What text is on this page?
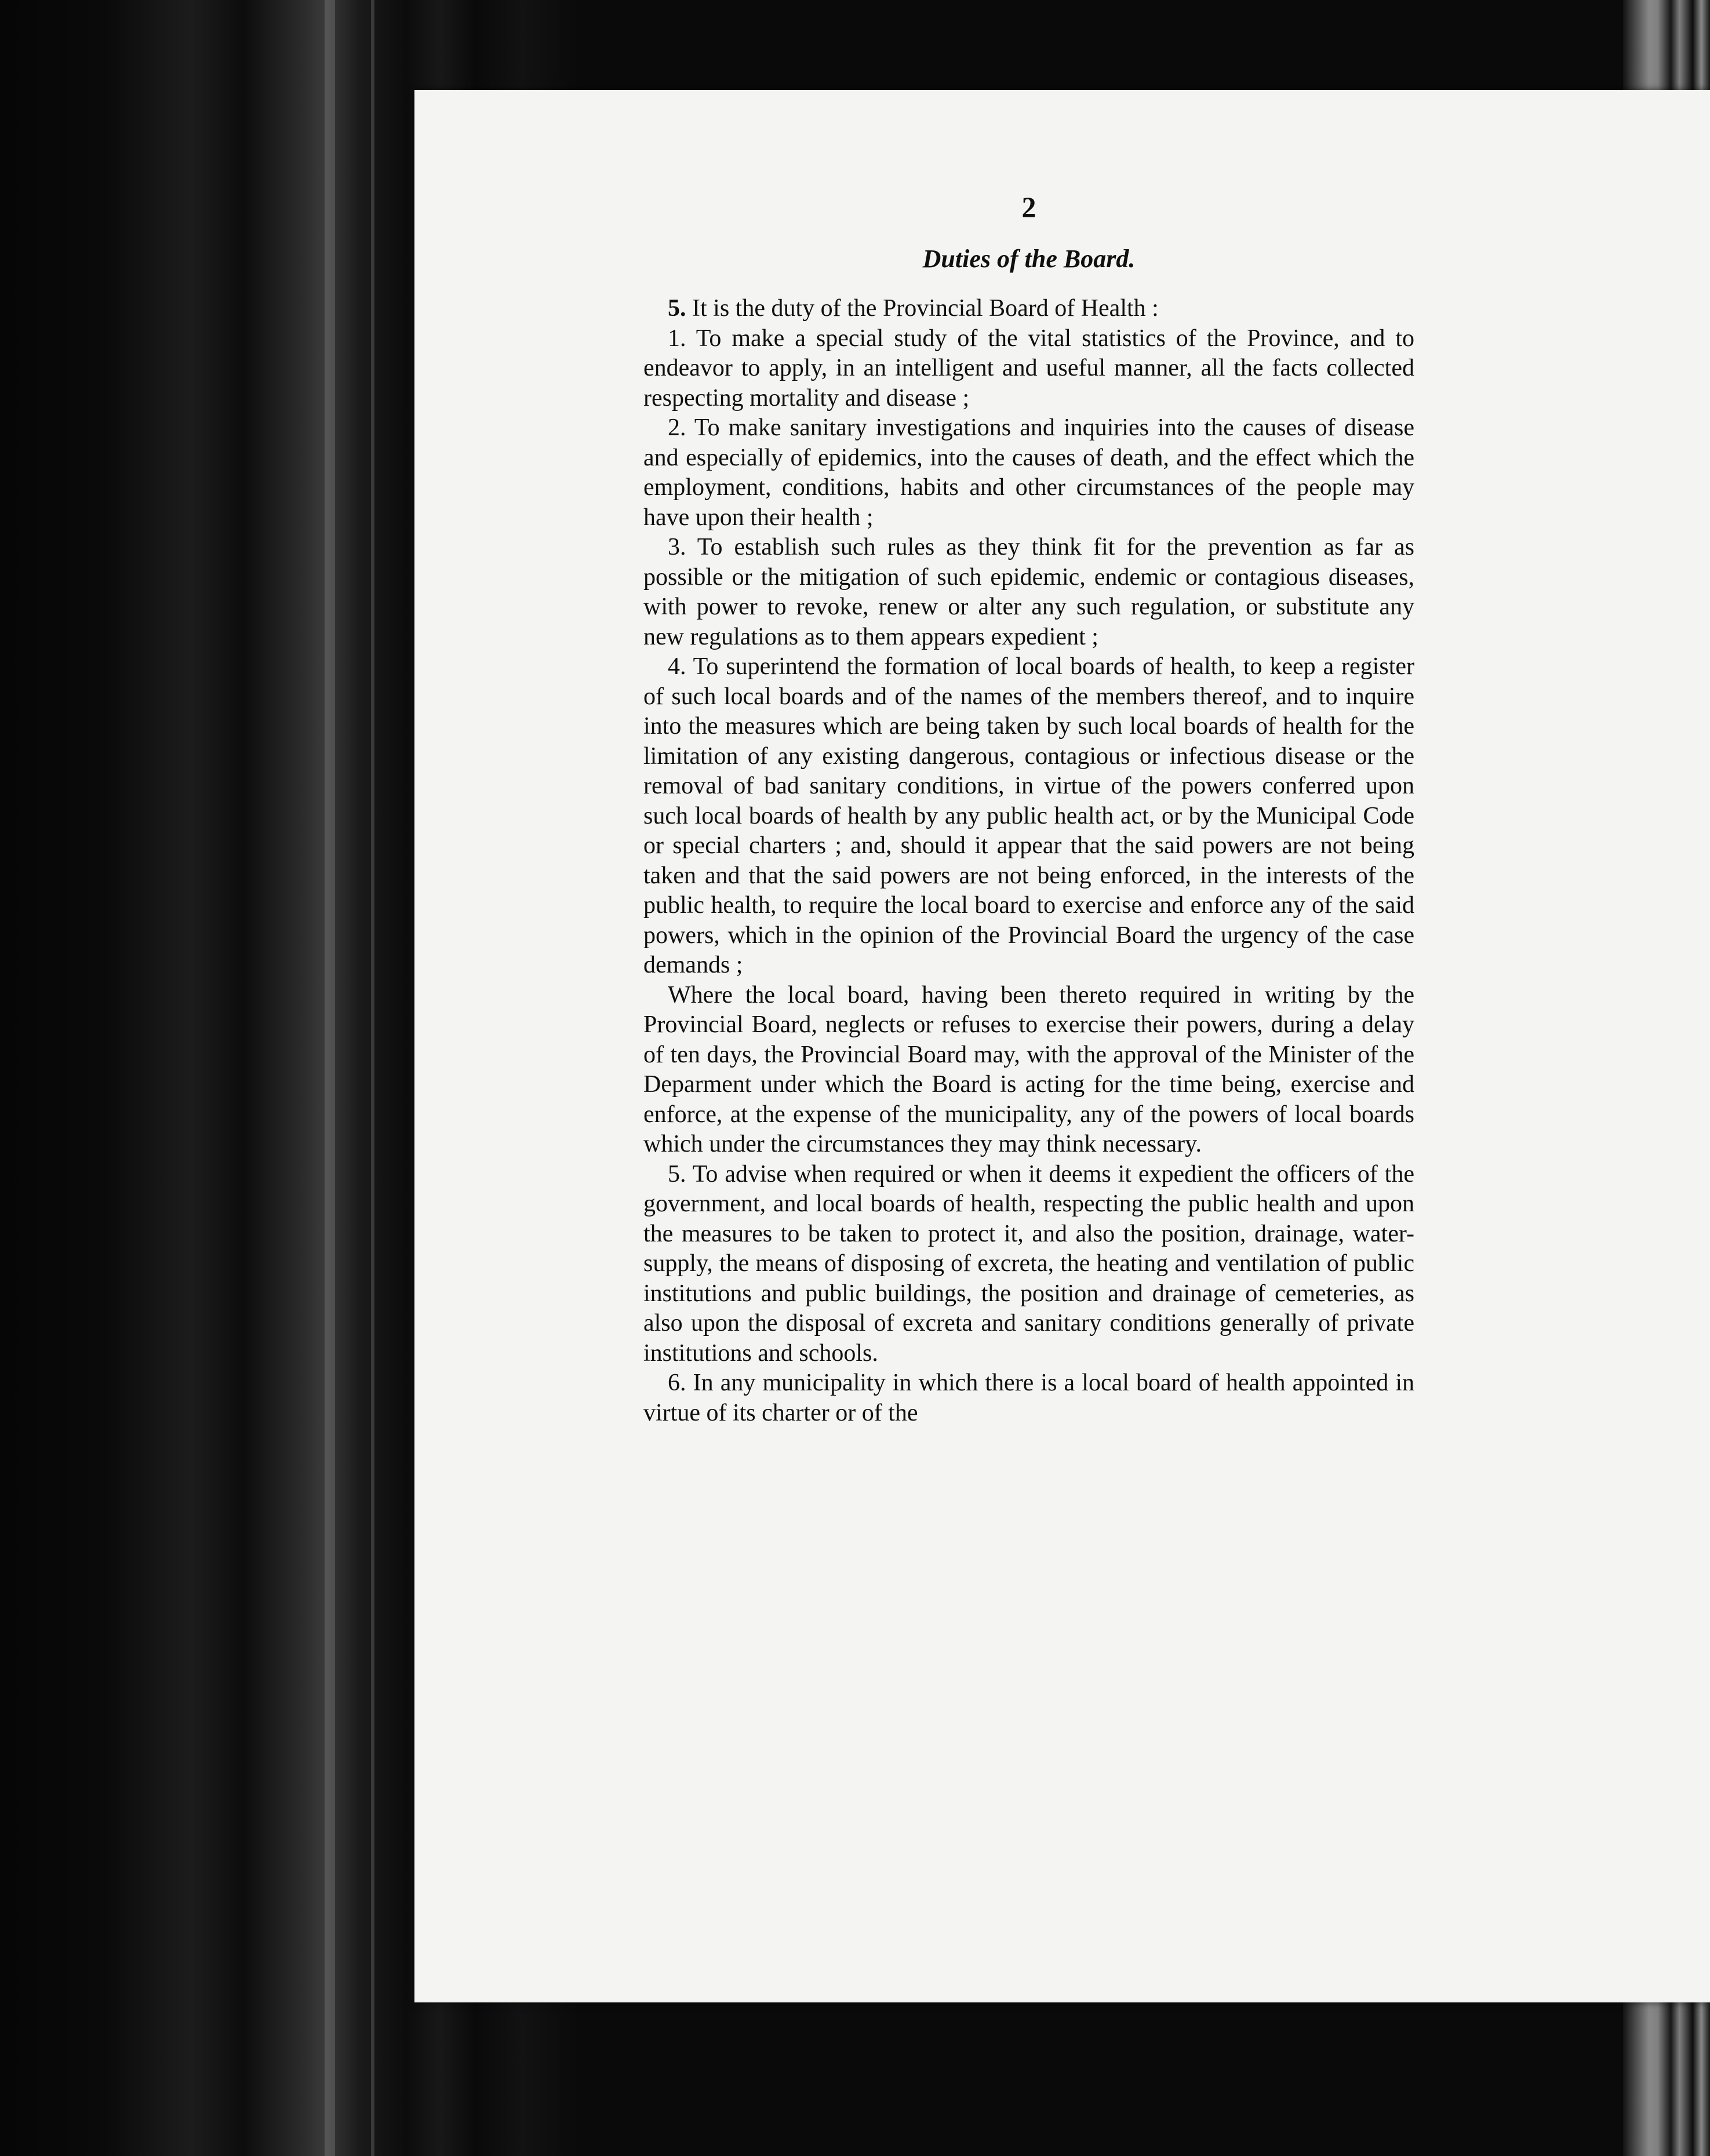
2
Duties of the Board.

5. It is the duty of the Provincial Board of Health :

1. To make a special study of the vital statistics of the Province, and to endeavor to apply, in an intelligent and useful manner, all the facts collected respecting mortality and disease ;

2. To make sanitary investigations and inquiries into the causes of disease and especially of epidemics, into the causes of death, and the effect which the employment, conditions, habits and other circumstances of the people may have upon their health ;

3. To establish such rules as they think fit for the prevention as far as possible or the mitigation of such epidemic, endemic or contagious diseases, with power to revoke, renew or alter any such regulation, or substitute any new regulations as to them appears expedient ;

4. To superintend the formation of local boards of health, to keep a register of such local boards and of the names of the members thereof, and to inquire into the measures which are being taken by such local boards of health for the limitation of any existing dangerous, contagious or infectious disease or the removal of bad sanitary conditions, in virtue of the powers conferred upon such local boards of health by any public health act, or by the Municipal Code or special charters ; and, should it appear that the said powers are not being taken and that the said powers are not being enforced, in the interests of the public health, to require the local board to exercise and enforce any of the said powers, which in the opinion of the Provincial Board the urgency of the case demands ;

Where the local board, having been thereto required in writing by the Provincial Board, neglects or refuses to exercise their powers, during a delay of ten days, the Provincial Board may, with the approval of the Minister of the Deparment under which the Board is acting for the time being, exercise and enforce, at the expense of the municipality, any of the powers of local boards which under the circumstances they may think necessary.

5. To advise when required or when it deems it expedient the officers of the government, and local boards of health, respecting the public health and upon the measures to be taken to protect it, and also the position, drainage, water-supply, the means of disposing of excreta, the heating and ventilation of public institutions and public buildings, the position and drainage of cemeteries, as also upon the disposal of excreta and sanitary conditions generally of private institutions and schools.

6. In any municipality in which there is a local board of health appointed in virtue of its charter or of the
